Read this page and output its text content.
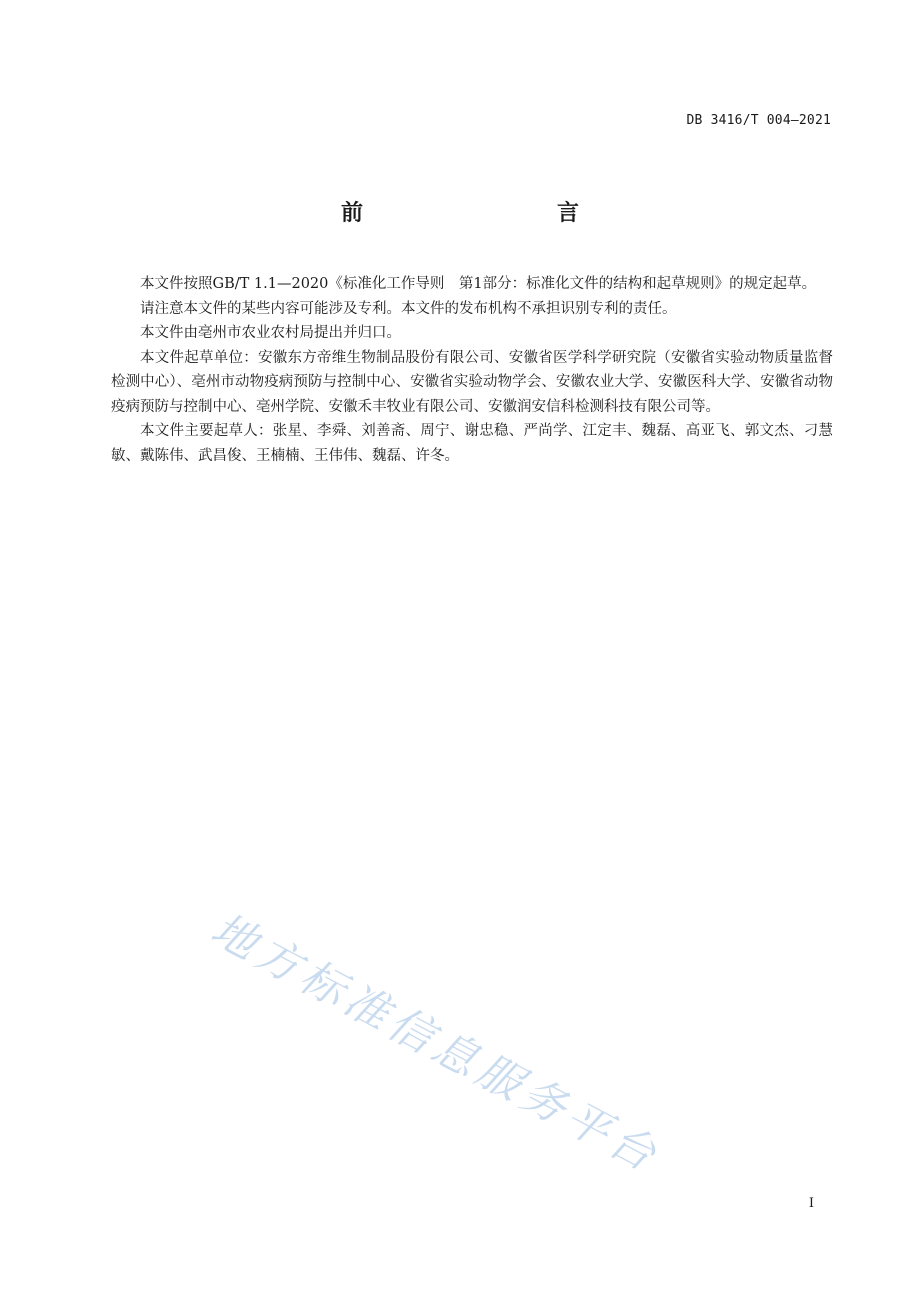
DB 3416/T 004—2021
前　　言

本文件按照GB/T 1.1—2020《标准化工作导则　第1部分：标准化文件的结构和起草规则》的规定起草。

请注意本文件的某些内容可能涉及专利。本文件的发布机构不承担识别专利的责任。

本文件由亳州市农业农村局提出并归口。

本文件起草单位：安徽东方帝维生物制品股份有限公司、安徽省医学科学研究院（安徽省实验动物质量监督检测中心）、亳州市动物疫病预防与控制中心、安徽省实验动物学会、安徽农业大学、安徽医科大学、安徽省动物疫病预防与控制中心、亳州学院、安徽禾丰牧业有限公司、安徽润安信科检测科技有限公司等。

本文件主要起草人：张星、李舜、刘善斋、周宁、谢忠稳、严尚学、江定丰、魏磊、高亚飞、郭文杰、刁慧敏、戴陈伟、武昌俊、王楠楠、王伟伟、魏磊、许冬。

地方标准信息服务平台
I
